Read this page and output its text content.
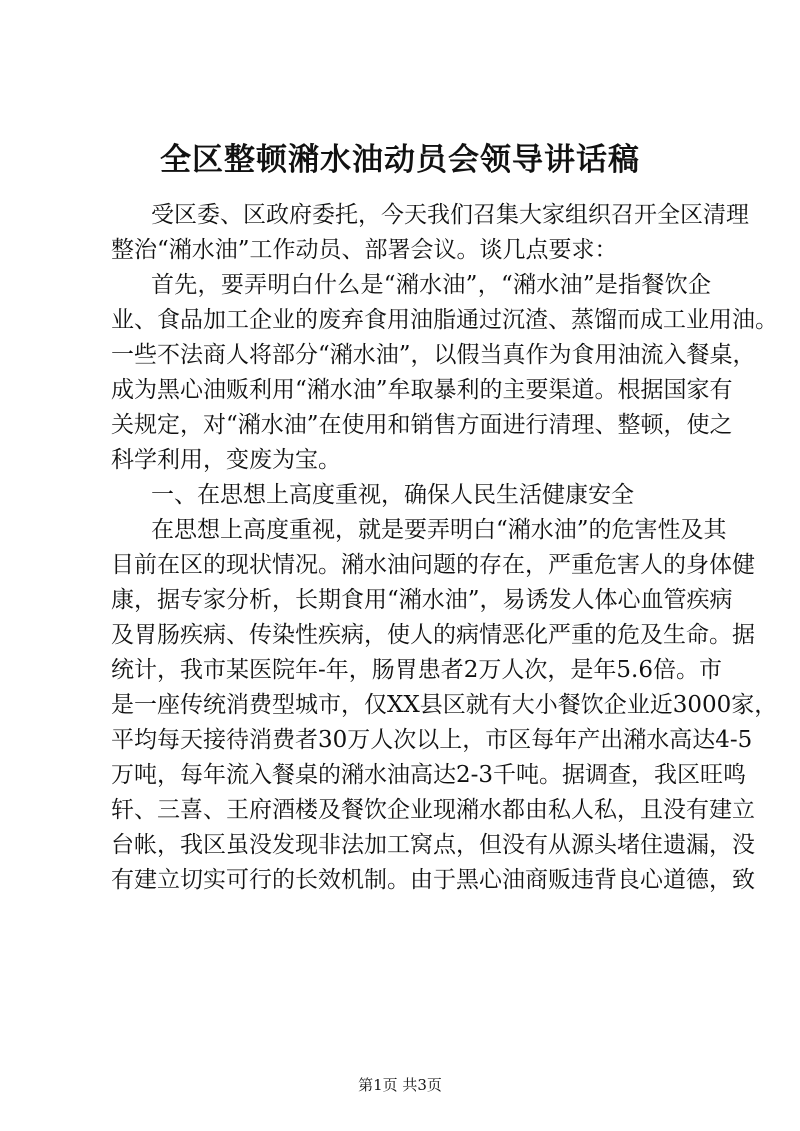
全区整顿潲水油动员会领导讲话稿
受区委、区政府委托，今天我们召集大家组织召开全区清理
整治“潲水油”工作动员、部署会议。谈几点要求：
首先，要弄明白什么是“潲水油”，“潲水油”是指餐饮企
业、食品加工企业的废弃食用油脂通过沉渣、蒸馏而成工业用油。
一些不法商人将部分“潲水油”，以假当真作为食用油流入餐桌，
成为黑心油贩利用“潲水油”牟取暴利的主要渠道。根据国家有
关规定，对“潲水油”在使用和销售方面进行清理、整顿，使之
科学利用，变废为宝。
一、在思想上高度重视，确保人民生活健康安全
在思想上高度重视，就是要弄明白“潲水油”的危害性及其
目前在区的现状情况。潲水油问题的存在，严重危害人的身体健
康，据专家分析，长期食用“潲水油”，易诱发人体心血管疾病
及胃肠疾病、传染性疾病，使人的病情恶化严重的危及生命。据
统计，我市某医院年-年，肠胃患者2万人次，是年5.6倍。市
是一座传统消费型城市，仅XX县区就有大小餐饮企业近3000家，
平均每天接待消费者30万人次以上，市区每年产出潲水高达4-5
万吨，每年流入餐桌的潲水油高达2-3千吨。据调查，我区旺鸣
轩、三喜、王府酒楼及餐饮企业现潲水都由私人私，且没有建立
台帐，我区虽没发现非法加工窝点，但没有从源头堵住遗漏，没
有建立切实可行的长效机制。由于黑心油商贩违背良心道德，致
第1页 共3页
